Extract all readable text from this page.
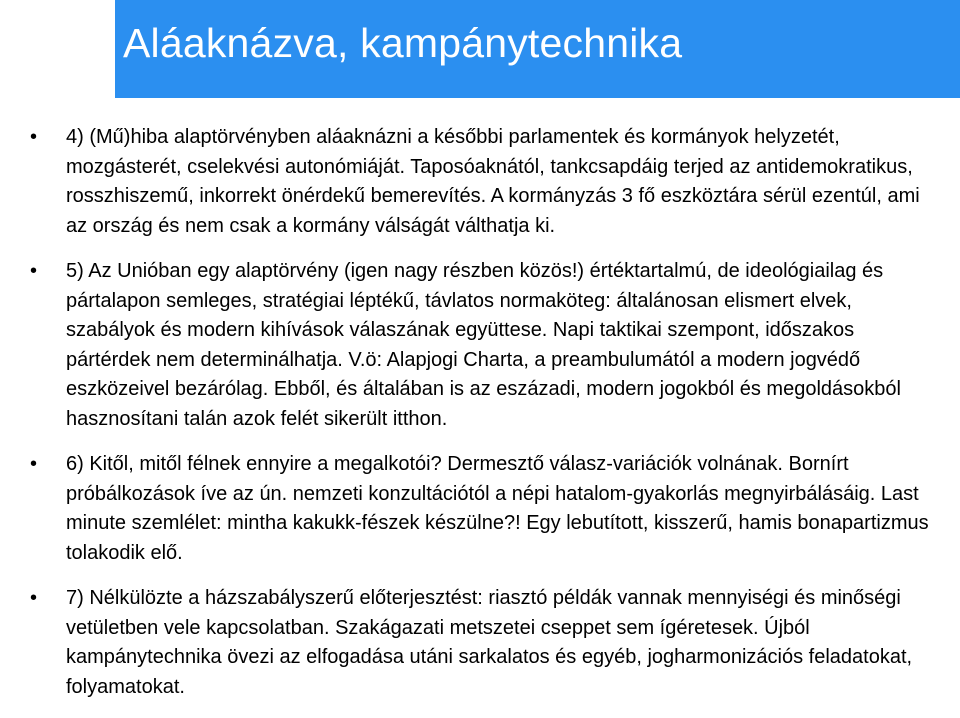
Aláaknázva, kampánytechnika
• 4) (Mű)hiba alaptörvényben aláaknázni a későbbi parlamentek és kormányok helyzetét, mozgásterét, cselekvési autonómiáját. Taposóaknától, tankcsapdáig terjed az antidemokratikus, rosszhiszemű, inkorrekt önérdekű bemerevítés. A kormányzás 3 fő eszköztára sérül ezentúl, ami az ország és nem csak a kormány válságát válthatja ki.
• 5) Az Unióban egy alaptörvény (igen nagy részben közös!) értéktartalmú, de ideológiailag és pártalapon semleges, stratégiai léptékű, távlatos normaköteg: általánosan elismert elvek, szabályok és modern kihívások válaszának együttese. Napi taktikai szempont, időszakos pártérdek nem determinálhatja. V.ö: Alapjogi Charta, a preambulumától a modern jogvédő eszközeivel bezárólag. Ebből, és általában is az eszázadi, modern jogokból és megoldásokból hasznosítani talán azok felét sikerült itthon.
• 6) Kitől, mitől félnek ennyire a megalkotói? Dermesztő válasz-variációk volnának. Bornírt próbálkozások íve az ún. nemzeti konzultációtól a népi hatalom-gyakorlás megnyirbálásáig. Last minute szemlélet: mintha kakukk-fészek készülne?! Egy lebutított, kisszerű, hamis bonapartizmus tolakodik elő.
• 7) Nélkülözte a házszabályszerű előterjesztést: riasztó példák vannak mennyiségi és minőségi vetületben vele kapcsolatban. Szakágazati metszetei cseppet sem ígéretesek. Újból kampánytechnika övezi az elfogadása utáni sarkalatos és egyéb, jogharmonizációs feladatokat, folyamatokat.
